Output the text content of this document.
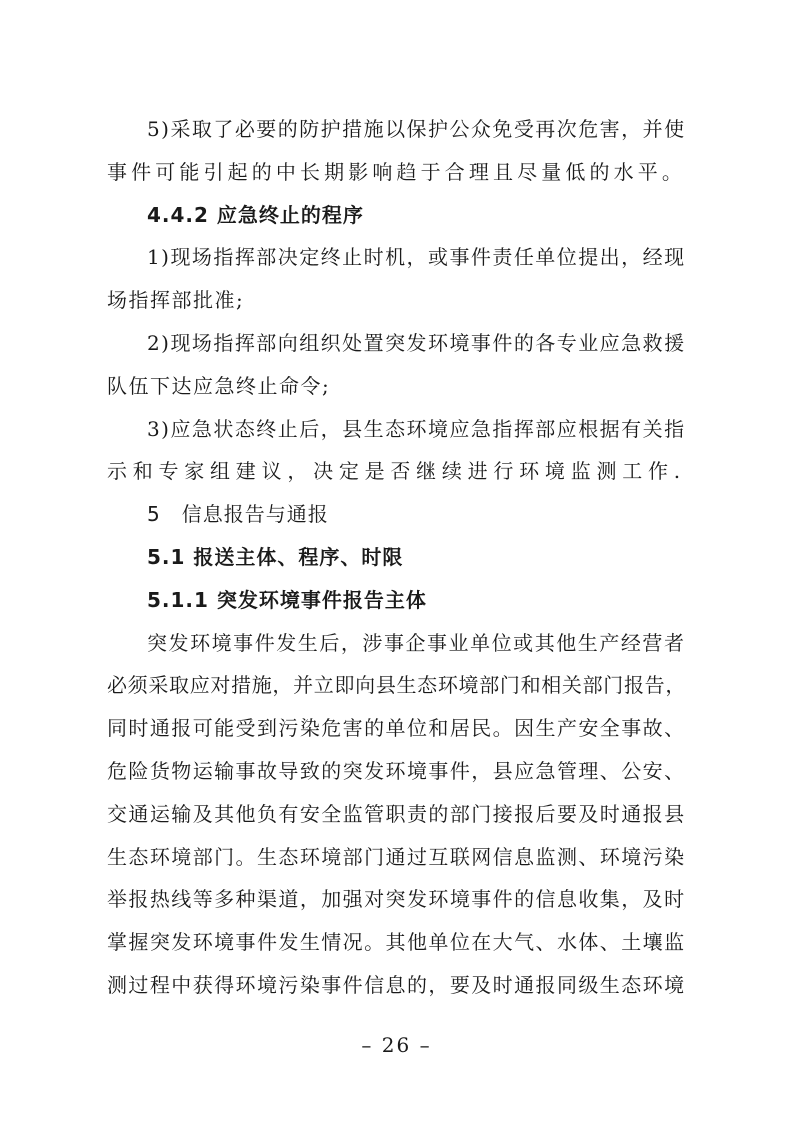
5)采取了必要的防护措施以保护公众免受再次危害，并使
事件可能引起的中长期影响趋于合理且尽量低的水平。
4.4.2 应急终止的程序
1)现场指挥部决定终止时机，或事件责任单位提出，经现
场指挥部批准;
2)现场指挥部向组织处置突发环境事件的各专业应急救援
队伍下达应急终止命令;
3)应急状态终止后，县生态环境应急指挥部应根据有关指
示和专家组建议，决定是否继续进行环境监测工作.
5　信息报告与通报
5.1 报送主体、程序、时限
5.1.1 突发环境事件报告主体
突发环境事件发生后，涉事企事业单位或其他生产经营者
必须采取应对措施，并立即向县生态环境部门和相关部门报告，
同时通报可能受到污染危害的单位和居民。因生产安全事故、
危险货物运输事故导致的突发环境事件，县应急管理、公安、
交通运输及其他负有安全监管职责的部门接报后要及时通报县
生态环境部门。生态环境部门通过互联网信息监测、环境污染
举报热线等多种渠道，加强对突发环境事件的信息收集，及时
掌握突发环境事件发生情况。其他单位在大气、水体、土壤监
测过程中获得环境污染事件信息的，要及时通报同级生态环境
– 26 –
